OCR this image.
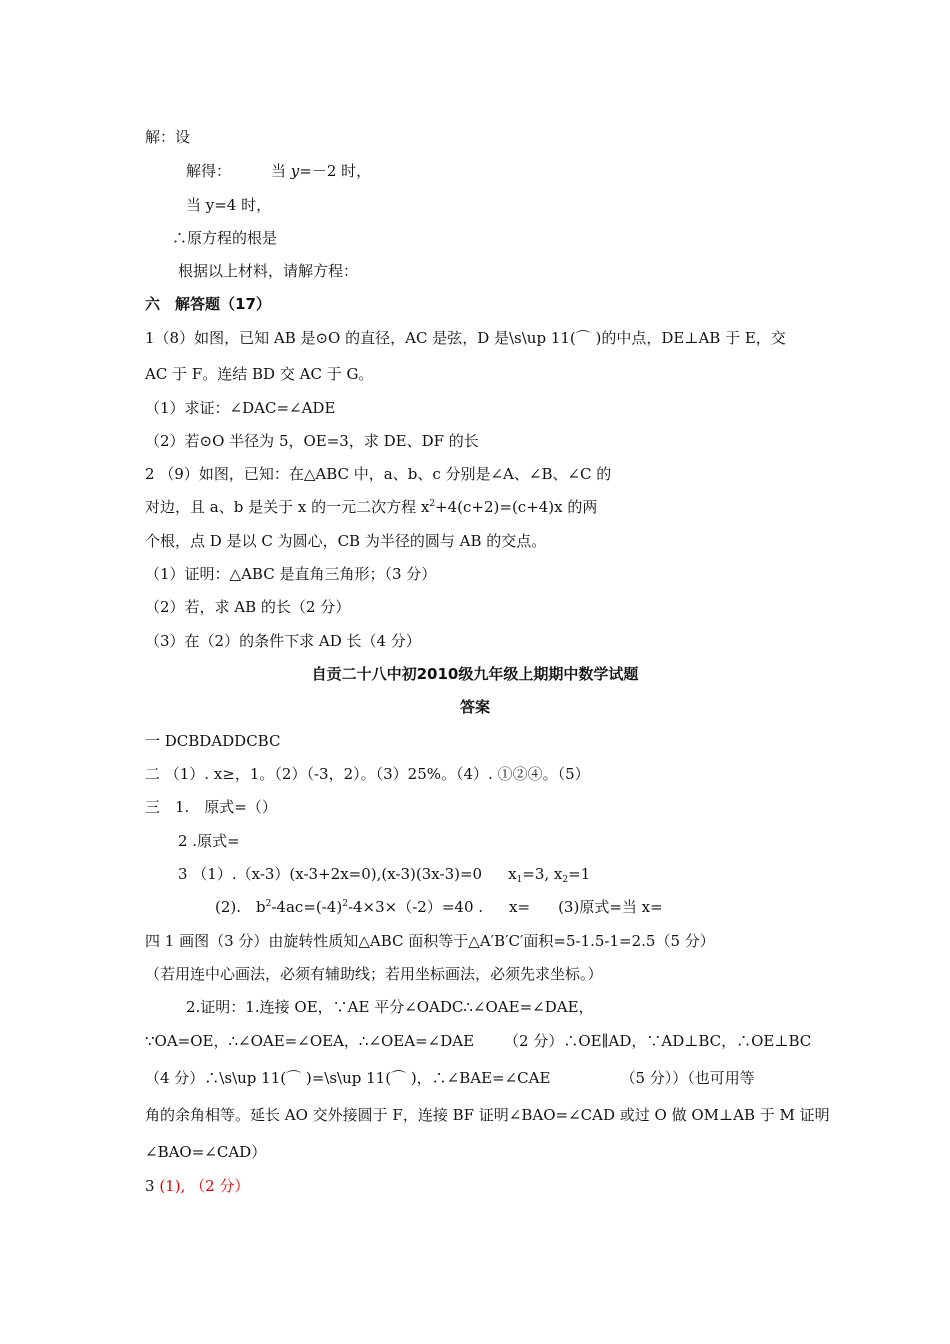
解：设
解得：	当 y=－2 时，
当 y=4 时，
∴原方程的根是
根据以上材料，请解方程：
六　解答题（17）
1（8）如图，已知 AB 是⊙O 的直径，AC 是弦，D 是\s\up 11(⌒ )的中点，DE⊥AB 于 E，交
AC 于 F。连结 BD 交 AC 于 G。
（1）求证：∠DAC=∠ADE
（2）若⊙O 半径为 5，OE=3，求 DE、DF 的长
2 （9）如图，已知：在△ABC 中，a、b、c 分别是∠A、∠B、∠C 的
对边，且 a、b 是关于 x 的一元二次方程 $x^2+4(c+2)=(c+4)x$ 的两
个根，点 D 是以 C 为圆心，CB 为半径的圆与 AB 的交点。
（1）证明：△ABC 是直角三角形；（3 分）
（2）若，求 AB 的长（2 分）
（3）在（2）的条件下求 AD 长（4 分）
自贡二十八中初2010级九年级上期期中数学试题
答案
一 DCBDADDCBC
二 （1）. x≥，1。（2）（-3，2）。（3）25%。（4）. ①②④。（5）
三　1.　原式=（）
2 .原式=
3 （1）.（x-3）(x-3+2x=0),(x-3)(3x-3)=0 $x_1=3$, $x_2=1$
(2).　$b^2-4ac=(-4)^2-4\times 3\times(-2)=40$ . x= (3)原式=当 x=
四 1 画图（3 分）由旋转性质知△ABC 面积等于△A′B′C′面积=5-1.5-1=2.5（5 分）
（若用连中心画法，必须有辅助线；若用坐标画法，必须先求坐标。）
2.证明：1.连接 OE，∵AE 平分∠OADC∴∠OAE=∠DAE，
∵OA=OE，∴∠OAE=∠OEA，∴∠OEA=∠DAE （2 分）∴OE∥AD，∵AD⊥BC，∴OE⊥BC
（4 分）∴\s\up 11(⌒ )=\s\up 11(⌒ )，∴∠BAE=∠CAE	（5 分））（也可用等
角的余角相等。延长 AO 交外接圆于 F，连接 BF 证明∠BAO=∠CAD 或过 O 做 OM⊥AB 于 M 证明
∠BAO=∠CAD）
3 (1), （2 分）
